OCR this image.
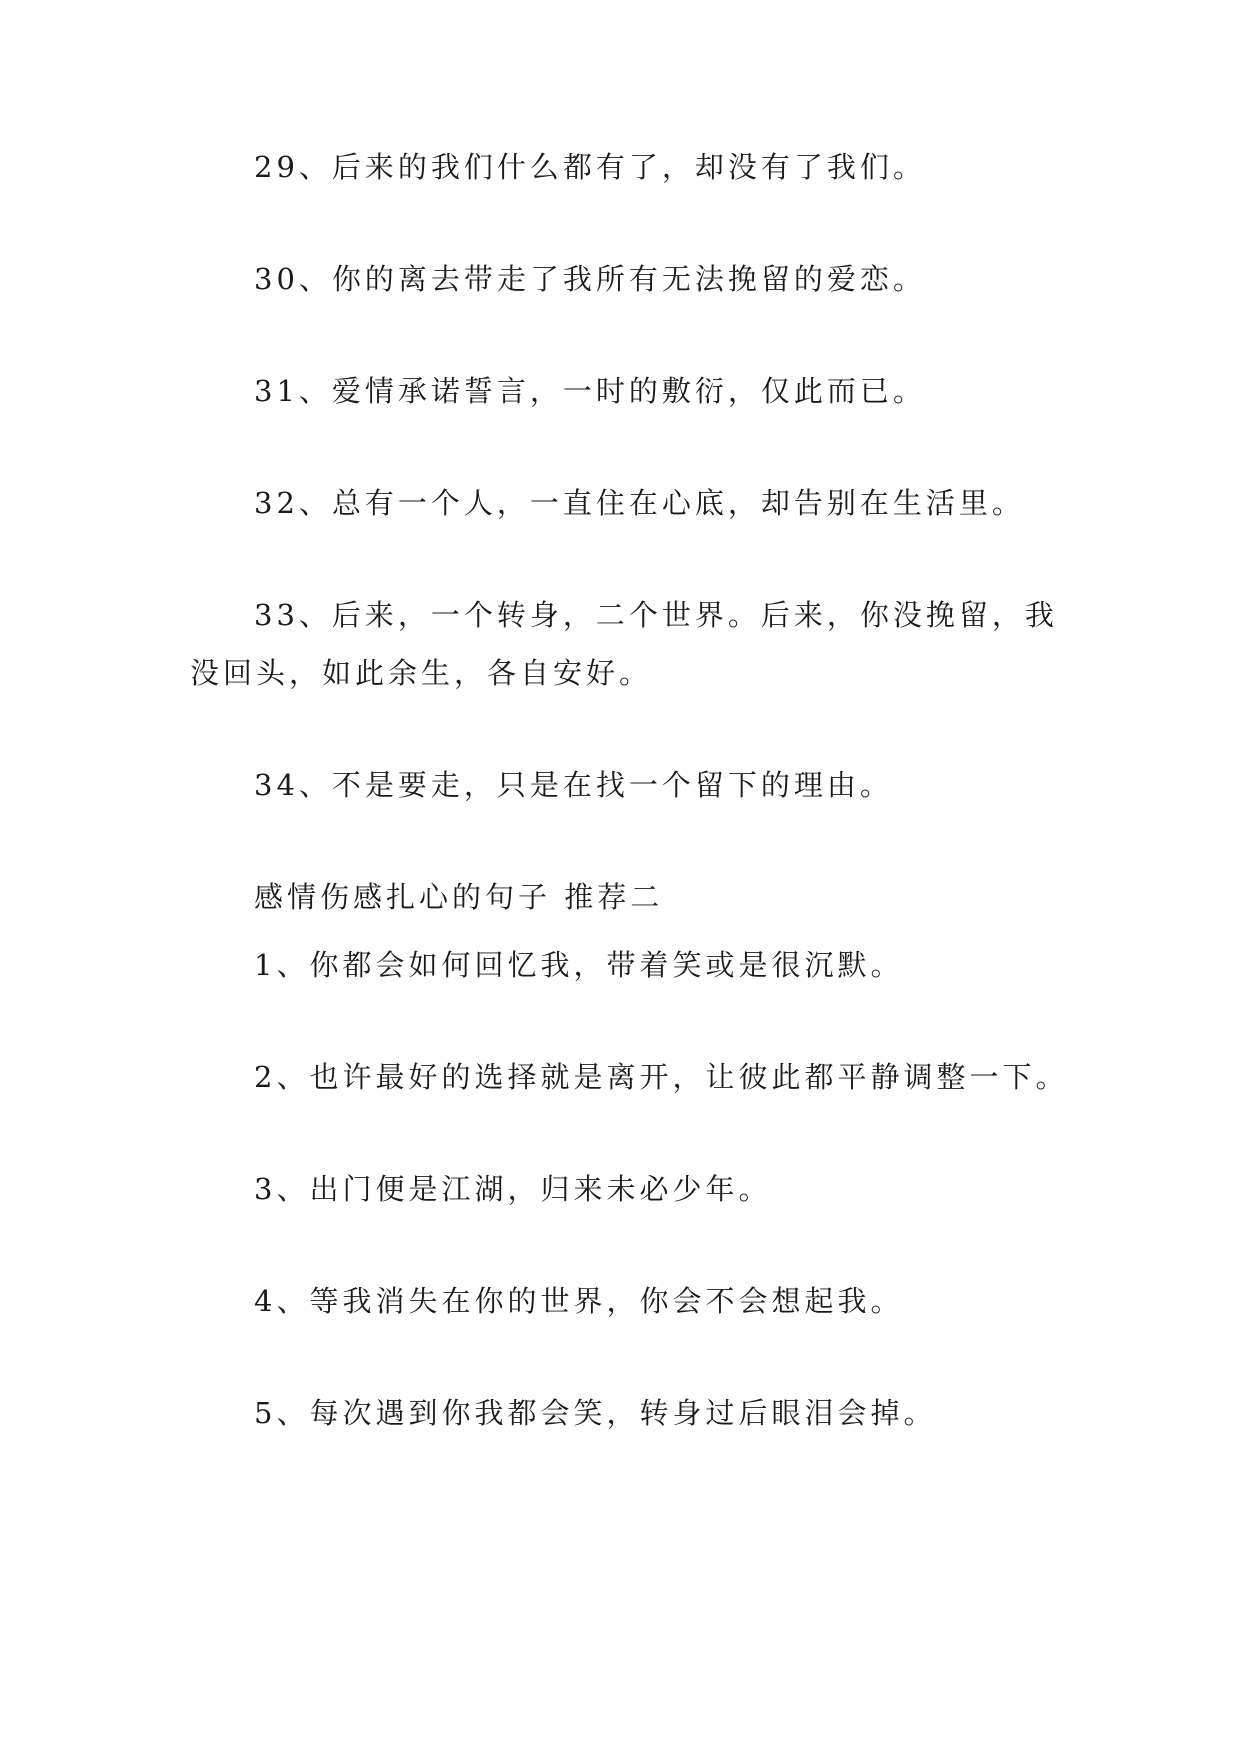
29、后来的我们什么都有了，却没有了我们。

30、你的离去带走了我所有无法挽留的爱恋。

31、爱情承诺誓言，一时的敷衍，仅此而已。

32、总有一个人，一直住在心底，却告别在生活里。

33、后来，一个转身，二个世界。后来，你没挽留，我没回头，如此余生，各自安好。

34、不是要走，只是在找一个留下的理由。

感情伤感扎心的句子 推荐二

1、你都会如何回忆我，带着笑或是很沉默。

2、也许最好的选择就是离开，让彼此都平静调整一下。

3、出门便是江湖，归来未必少年。

4、等我消失在你的世界，你会不会想起我。

5、每次遇到你我都会笑，转身过后眼泪会掉。
